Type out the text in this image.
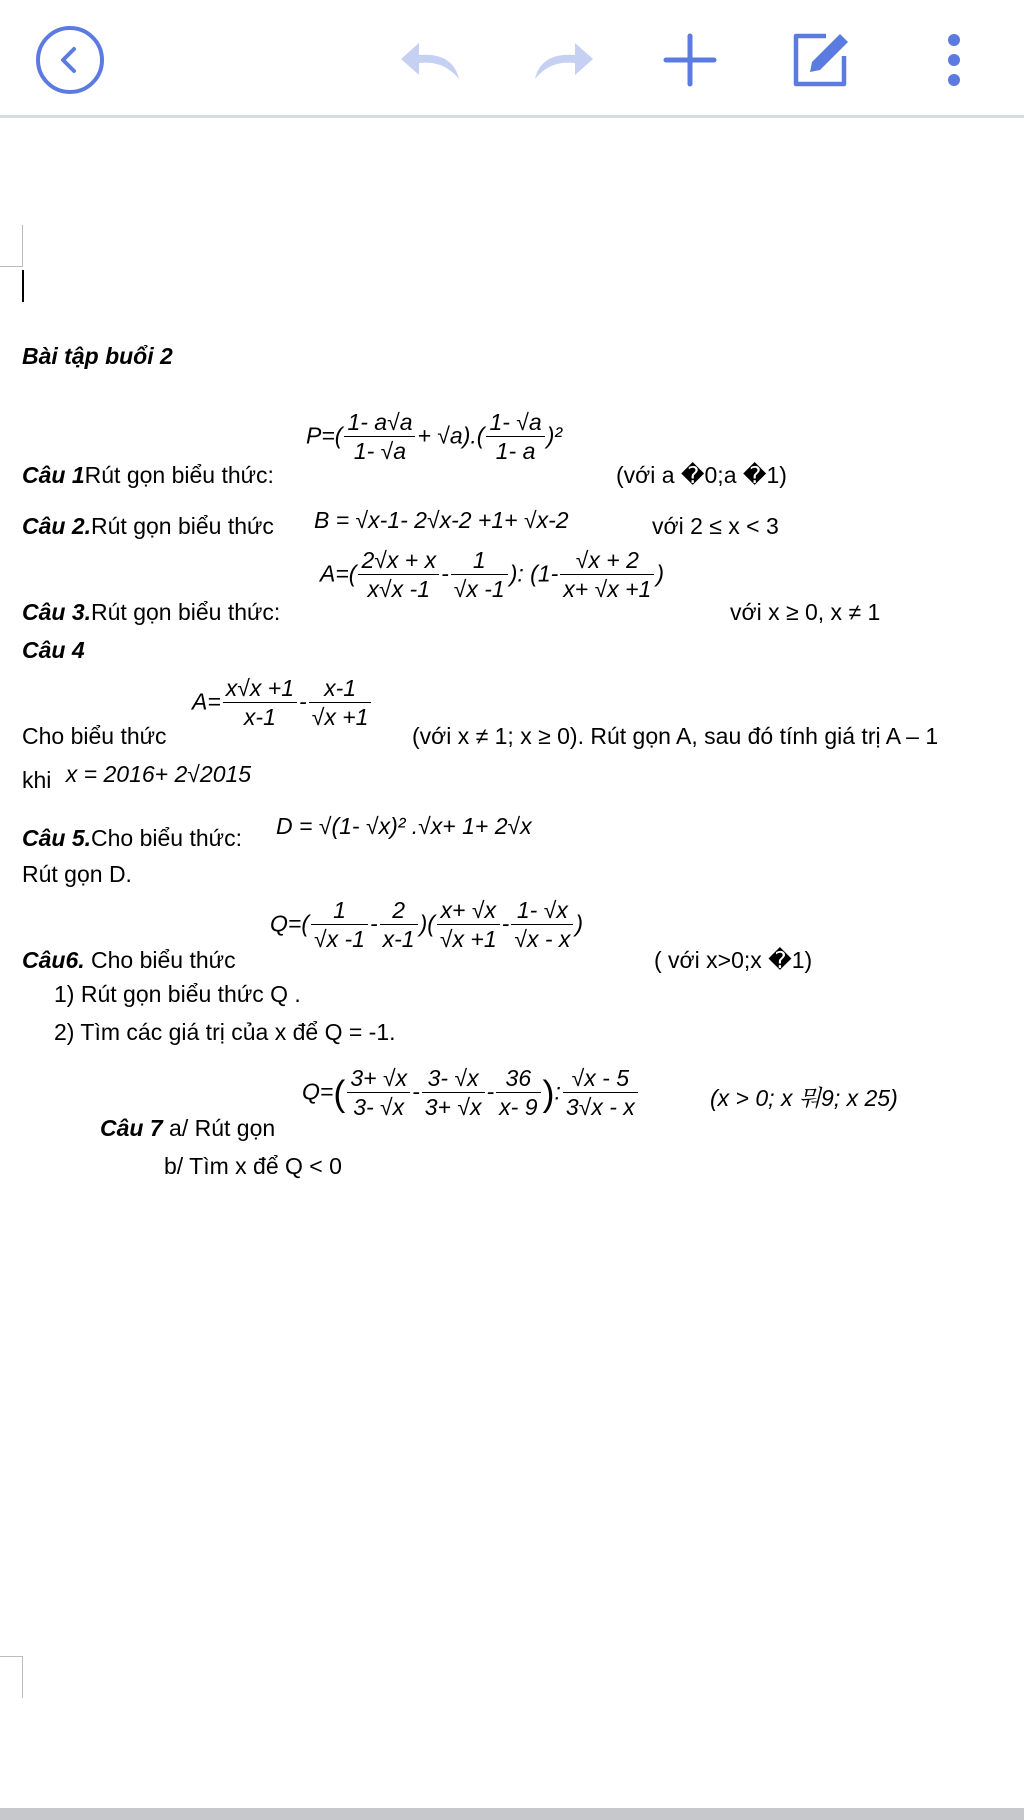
Bài tập buổi 2
Câu 1Rút gọn biểu thức:
$P=( \frac{1- a√a}{1- √a} + √a).( \frac{1- √a}{1- a} )^2$
(với a �0;a �1)
Câu 2.Rút gọn biểu thức B = √x-1- 2√x-2 +1+ √x-2	với 2 ≤ x < 3
Câu 3.Rút gọn biểu thức:
$A=( \frac{2√x + x}{x√x -1} - \frac{1}{√x -1}$ ): ($1- \frac{√x + 2}{x+ √x +1}$ )
với x ≥ 0, x ≠ 1
Câu 4
Cho biểu thức
$A= \frac{x√x +1}{x-1} - \frac{x-1}{√x +1}$
(với x ≠ 1; x ≥ 0). Rút gọn A, sau đó tính giá trị A – 1
khi x = 2016+ 2√2015
Câu 5.Cho biểu thức: D = √(1- √x)² .√x+ 1+ 2√x
Rút gọn D.
Câu6. Cho biểu thức
$Q=( \frac{1}{√x -1} - \frac{2}{x-1}$ )( $\frac{x+ √x}{√x +1} - \frac{1- √x}{√x - x}$ )
( với x>0;x �1)
1) Rút gọn biểu thức Q .
2) Tìm các giá trị của x để Q = -1.
Câu 7 a/ Rút gọn
$Q=( \frac{3+ √x}{3- √x} - \frac{3- √x}{3+ √x} - \frac{36}{x- 9}$ ): $\frac{√x - 5}{3√x - x}$	(x > 0; x 뭐9; x 25)
b/ Tìm x để Q < 0
